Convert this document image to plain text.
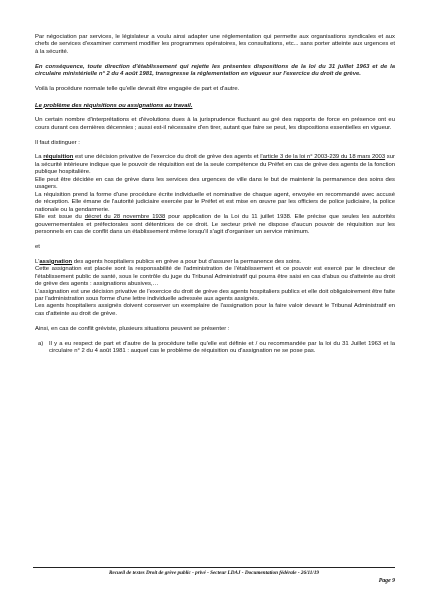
Par négociation par services, le législateur a voulu ainsi adapter une réglementation qui permette aux organisations syndicales et aux chefs de services d'examiner comment modifier les programmes opératoires, les consultations, etc... sans porter atteinte aux urgences et à la sécurité.

En conséquence, toute direction d'établissement qui rejette les présentes dispositions de la loi du 31 juillet 1963 et de la circulaire ministérielle n° 2 du 4 août 1981, transgresse la réglementation en vigueur sur l'exercice du droit de grève.

Voilà la procédure normale telle qu'elle devrait être engagée de part et d'autre.

Le problème des réquisitions ou assignations au travail.

Un certain nombre d'interprétations et d'évolutions dues à la jurisprudence fluctuant au gré des rapports de force en présence ont eu cours durant ces dernières décennies ; aussi est-il nécessaire d'en tirer, autant que faire se peut, les dispositions essentielles en vigueur.

Il faut distinguer :

La réquisition est une décision privative de l'exercice du droit de grève des agents et l'article 3 de la loi n° 2003-239 du 18 mars 2003 sur la sécurité intérieure indique que le pouvoir de réquisition est de la seule compétence du Préfet en cas de grève des agents de la fonction publique hospitalière.

Elle peut être décidée en cas de grève dans les services des urgences de ville dans le but de maintenir la permanence des soins des usagers.

La réquisition prend la forme d'une procédure écrite individuelle et nominative de chaque agent, envoyée en recommandé avec accusé de réception. Elle émane de l'autorité judiciaire exercée par le Préfet et est mise en œuvre par les officiers de police judiciaire, la police nationale ou la gendarmerie.

Elle est issue du décret du 28 novembre 1938 pour application de la Loi du 11 juillet 1938. Elle précise que seules les autorités gouvernementales et préfectorales sont détentrices de ce droit. Le secteur privé ne dispose d'aucun pouvoir de réquisition sur les personnels en cas de conflit dans un établissement même lorsqu'il s'agit d'organiser un service minimum.

et

L'assignation des agents hospitaliers publics en grève a pour but d'assurer la permanence des soins.

Cette assignation est placée sont la responsabilité de l'administration de l'établissement et ce pouvoir est exercé par le directeur de l'établissement public de santé, sous le contrôle du juge du Tribunal Administratif qui pourra être saisi en cas d'abus ou d'atteinte au droit de grève des agents : assignations abusives,…

L'assignation est une décision privative de l'exercice du droit de grève des agents hospitaliers publics et elle doit obligatoirement être faite par l'administration sous forme d'une lettre individuelle adressée aux agents assignés.

Les agents hospitaliers assignés doivent conserver un exemplaire de l'assignation pour la faire valoir devant le Tribunal Administratif en cas d'atteinte au droit de grève.

Ainsi, en cas de conflit gréviste, plusieurs situations peuvent se présenter :

a) Il y a eu respect de part et d'autre de la procédure telle qu'elle est définie et / ou recommandée par la loi du 31 Juillet 1963 et la circulaire n° 2 du 4 août 1981 : auquel cas le problème de réquisition ou d'assignation ne se pose pas.
Recueil de textes Droit de grève public - privé - Secteur LDAJ - Documentation fédérale - 26/11/19
Page 9
